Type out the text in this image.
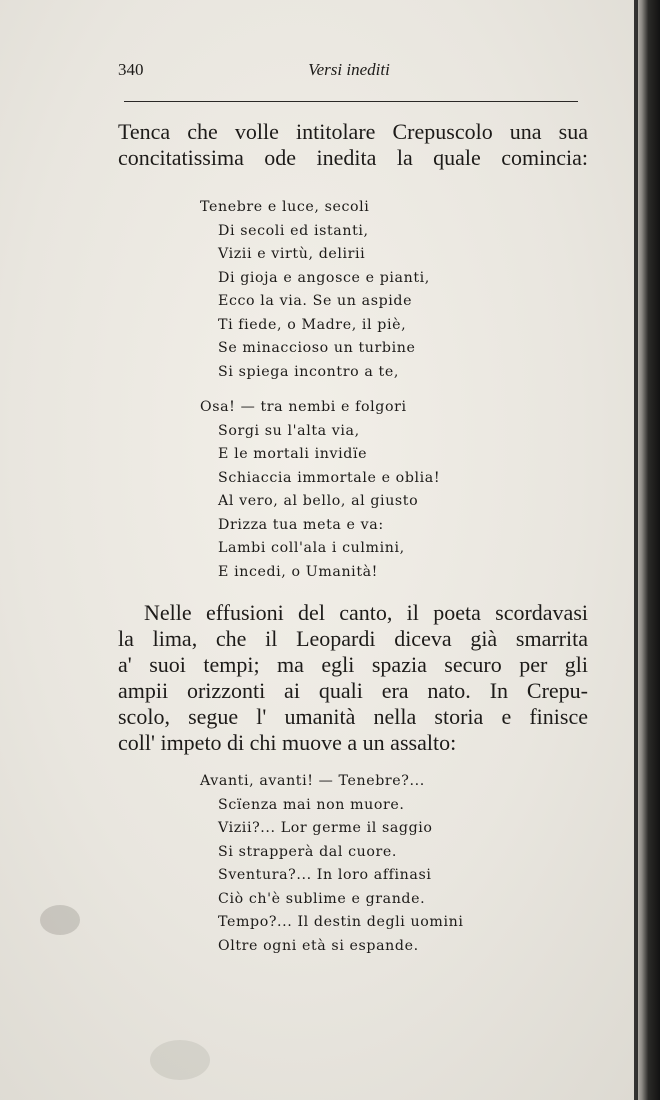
340	Versi inediti
Tenca che volle intitolare Crepuscolo una sua
concitatissima ode inedita la quale comincia:
Tenebre e luce, secoli
Di secoli ed istanti,
Vizii e virtù, delirii
Di gioja e angosce e pianti,
Ecco la via. Se un aspide
Ti fiede, o Madre, il piè,
Se minaccioso un turbine
Si spiega incontro a te,
Osa! — tra nembi e folgori
Sorgi su l'alta via,
E le mortali invidïe
Schiaccia immortale e oblia!
Al vero, al bello, al giusto
Drizza tua meta e va:
Lambi coll'ala i culmini,
E incedi, o Umanità!
Nelle effusioni del canto, il poeta scordavasi
la lima, che il Leopardi diceva già smarrita
a' suoi tempi; ma egli spazia securo per gli
ampii orizzonti ai quali era nato. In Crepu-
scolo, segue l' umanità nella storia e finisce
coll' impeto di chi muove a un assalto:
Avanti, avanti! — Tenebre?...
Scïenza mai non muore.
Vizii?... Lor germe il saggio
Si strapperà dal cuore.
Sventura?... In loro affinasi
Ciò ch'è sublime e grande.
Tempo?... Il destin degli uomini
Oltre ogni età si espande.
